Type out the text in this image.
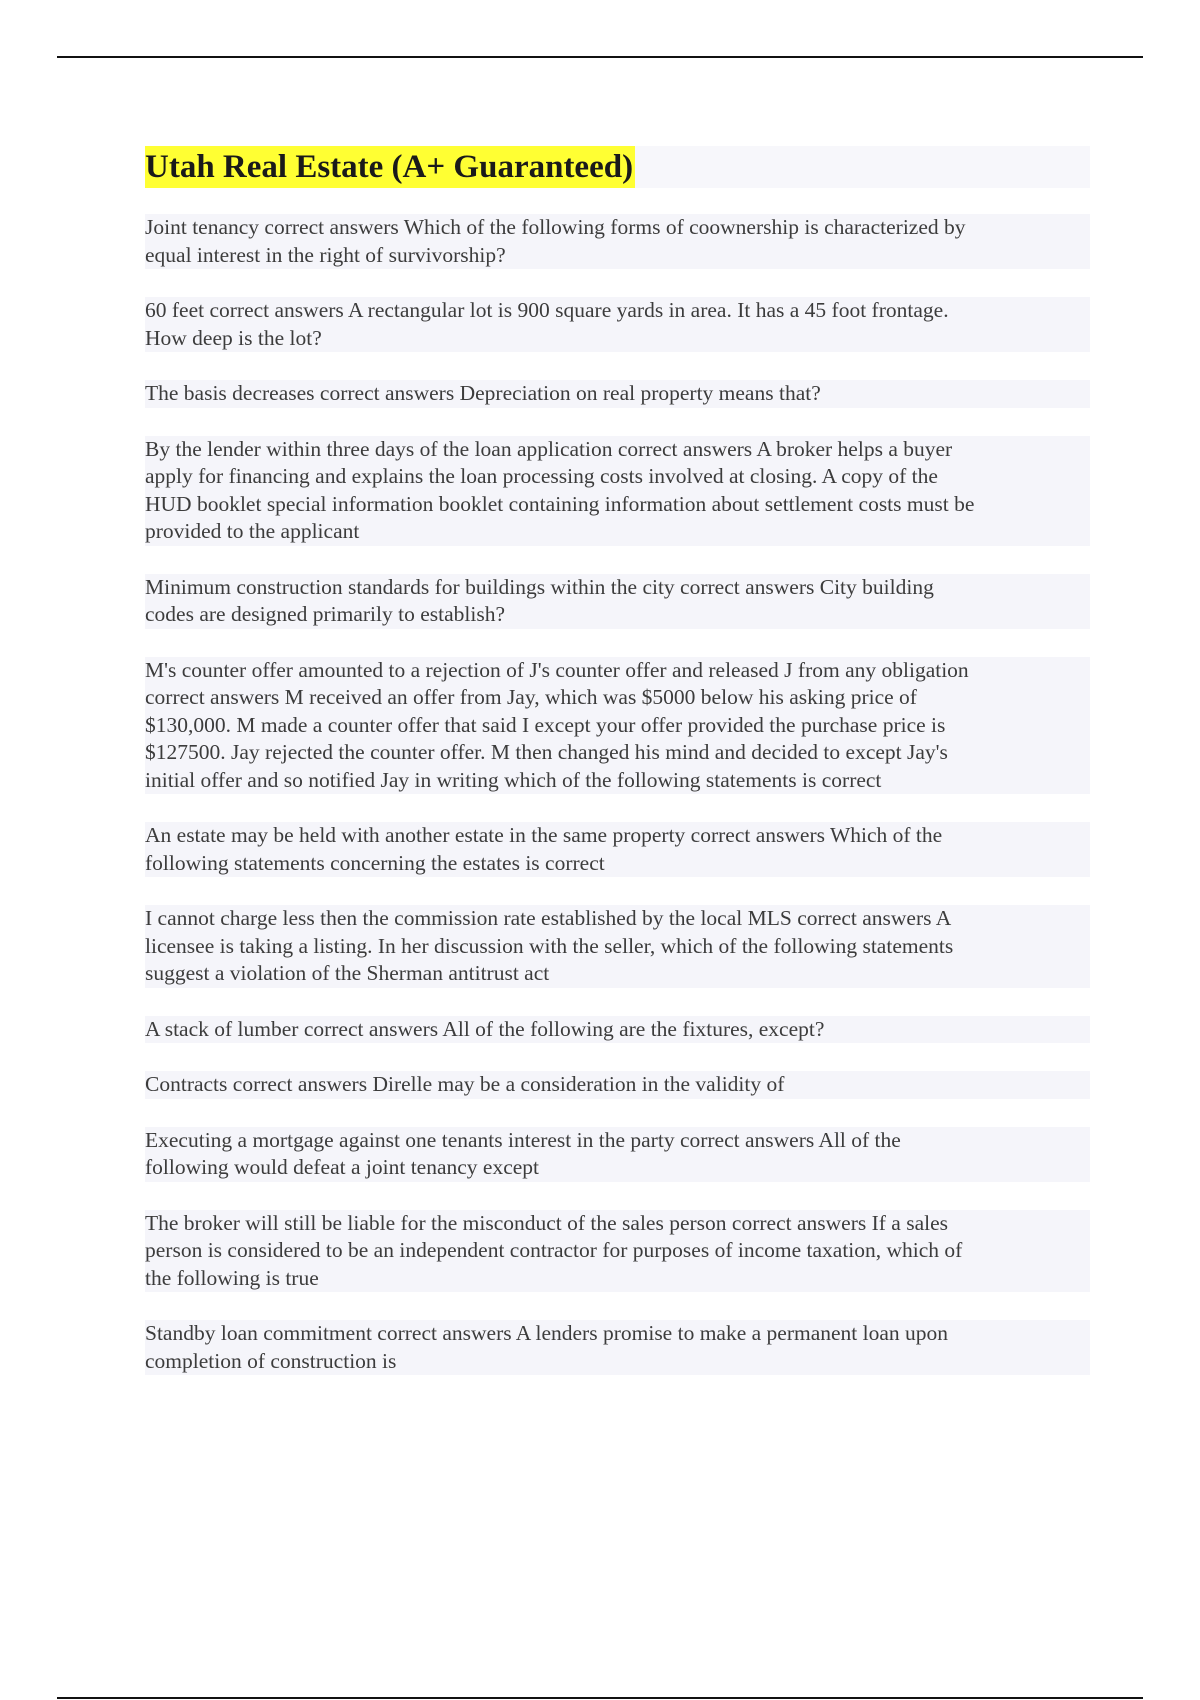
Utah Real Estate (A+ Guaranteed)
Joint tenancy correct answers Which of the following forms of coownership is characterized by
equal interest in the right of survivorship?
60 feet correct answers A rectangular lot is 900 square yards in area. It has a 45 foot frontage.
How deep is the lot?
The basis decreases correct answers Depreciation on real property means that?
By the lender within three days of the loan application correct answers A broker helps a buyer
apply for financing and explains the loan processing costs involved at closing. A copy of the
HUD booklet special information booklet containing information about settlement costs must be
provided to the applicant
Minimum construction standards for buildings within the city correct answers City building
codes are designed primarily to establish?
M's counter offer amounted to a rejection of J's counter offer and released J from any obligation
correct answers M received an offer from Jay, which was $5000 below his asking price of
$130,000. M made a counter offer that said I except your offer provided the purchase price is
$127500. Jay rejected the counter offer. M then changed his mind and decided to except Jay's
initial offer and so notified Jay in writing which of the following statements is correct
An estate may be held with another estate in the same property correct answers Which of the
following statements concerning the estates is correct
I cannot charge less then the commission rate established by the local MLS correct answers A
licensee is taking a listing. In her discussion with the seller, which of the following statements
suggest a violation of the Sherman antitrust act
A stack of lumber correct answers All of the following are the fixtures, except?
Contracts correct answers Direlle may be a consideration in the validity of
Executing a mortgage against one tenants interest in the party correct answers All of the
following would defeat a joint tenancy except
The broker will still be liable for the misconduct of the sales person correct answers If a sales
person is considered to be an independent contractor for purposes of income taxation, which of
the following is true
Standby loan commitment correct answers A lenders promise to make a permanent loan upon
completion of construction is
